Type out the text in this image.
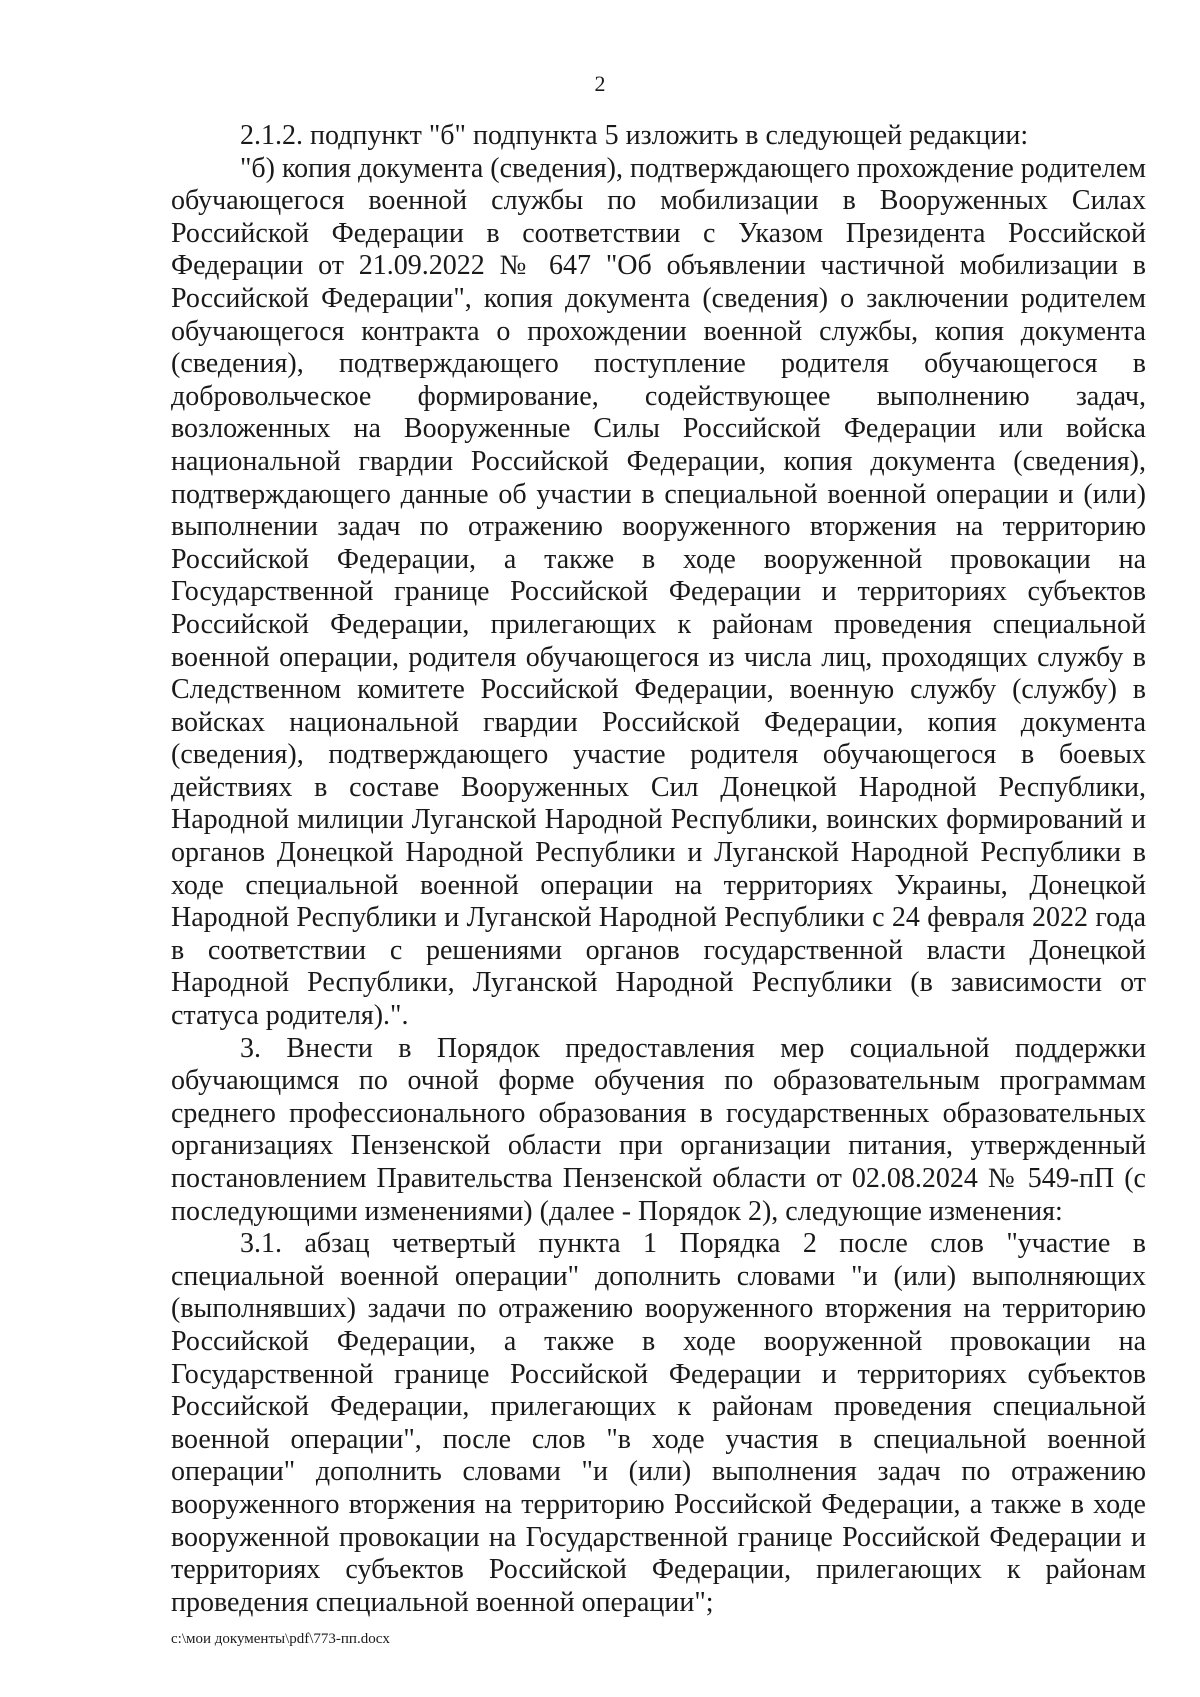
2

2.1.2. подпункт "б" подпункта 5 изложить в следующей редакции:

"б) копия документа (сведения), подтверждающего прохождение родителем обучающегося военной службы по мобилизации в Вооруженных Силах Российской Федерации в соответствии с Указом Президента Российской Федерации от 21.09.2022 № 647 "Об объявлении частичной мобилизации в Российской Федерации", копия документа (сведения) о заключении родителем обучающегося контракта о прохождении военной службы, копия документа (сведения), подтверждающего поступление родителя обучающегося в добровольческое формирование, содействующее выполнению задач, возложенных на Вооруженные Силы Российской Федерации или войска национальной гвардии Российской Федерации, копия документа (сведения), подтверждающего данные об участии в специальной военной операции и (или) выполнении задач по отражению вооруженного вторжения на территорию Российской Федерации, а также в ходе вооруженной провокации на Государственной границе Российской Федерации и территориях субъектов Российской Федерации, прилегающих к районам проведения специальной военной операции, родителя обучающегося из числа лиц, проходящих службу в Следственном комитете Российской Федерации, военную службу (службу) в войсках национальной гвардии Российской Федерации, копия документа (сведения), подтверждающего участие родителя обучающегося в боевых действиях в составе Вооруженных Сил Донецкой Народной Республики, Народной милиции Луганской Народной Республики, воинских формирований и органов Донецкой Народной Республики и Луганской Народной Республики в ходе специальной военной операции на территориях Украины, Донецкой Народной Республики и Луганской Народной Республики с 24 февраля 2022 года в соответствии с решениями органов государственной власти Донецкой Народной Республики, Луганской Народной Республики (в зависимости от статуса родителя).".

3. Внести в Порядок предоставления мер социальной поддержки обучающимся по очной форме обучения по образовательным программам среднего профессионального образования в государственных образовательных организациях Пензенской области при организации питания, утвержденный постановлением Правительства Пензенской области от 02.08.2024 № 549-пП (с последующими изменениями) (далее - Порядок 2), следующие изменения:

3.1. абзац четвертый пункта 1 Порядка 2 после слов "участие в специальной военной операции" дополнить словами "и (или) выполняющих (выполнявших) задачи по отражению вооруженного вторжения на территорию Российской Федерации, а также в ходе вооруженной провокации на Государственной границе Российской Федерации и территориях субъектов Российской Федерации, прилегающих к районам проведения специальной военной операции", после слов "в ходе участия в специальной военной операции" дополнить словами "и (или) выполнения задач по отражению вооруженного вторжения на территорию Российской Федерации, а также в ходе вооруженной провокации на Государственной границе Российской Федерации и территориях субъектов Российской Федерации, прилегающих к районам проведения специальной военной операции";

c:\мои документы\pdf\773-пп.docx
